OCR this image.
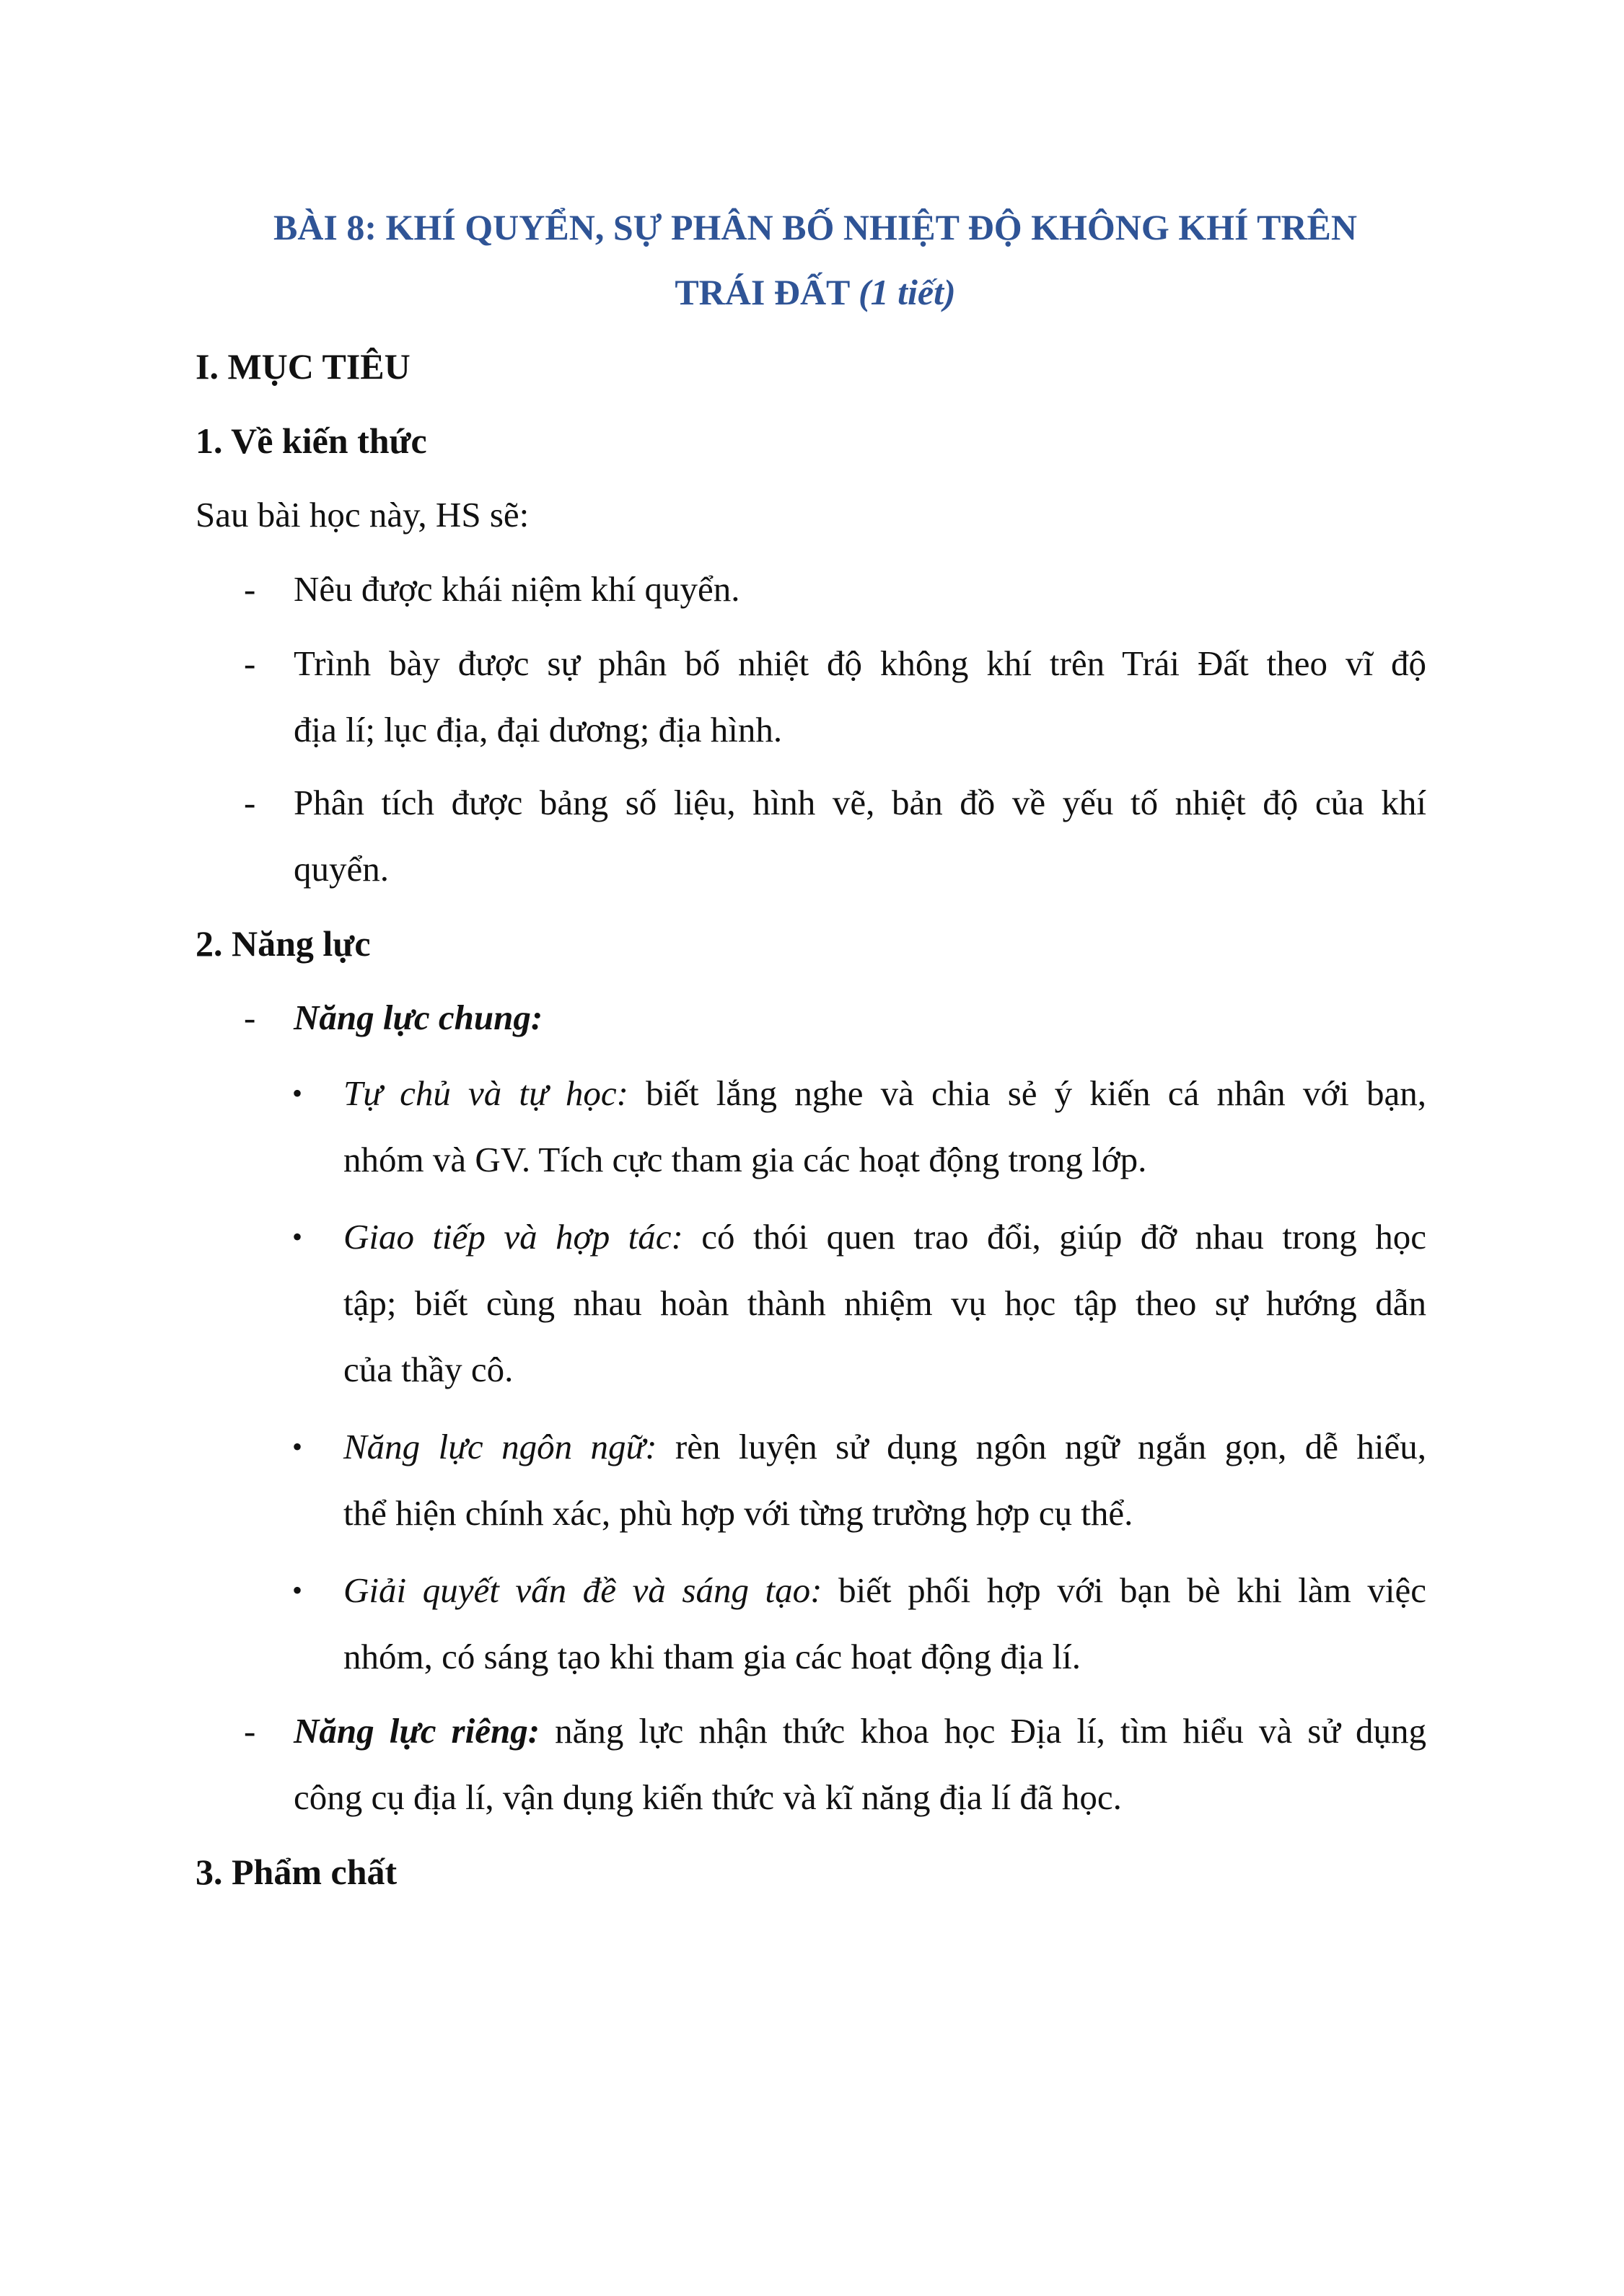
BÀI 8: KHÍ QUYỂN, SỰ PHÂN BỐ NHIỆT ĐỘ KHÔNG KHÍ TRÊN
TRÁI ĐẤT (1 tiết)
I. MỤC TIÊU
1. Về kiến thức
Sau bài học này, HS sẽ:
- Nêu được khái niệm khí quyển.
- Trình bày được sự phân bố nhiệt độ không khí trên Trái Đất theo vĩ độ
địa lí; lục địa, đại dương; địa hình.
- Phân tích được bảng số liệu, hình vẽ, bản đồ về yếu tố nhiệt độ của khí
quyển.
2. Năng lực
- Năng lực chung:
• Tự chủ và tự học: biết lắng nghe và chia sẻ ý kiến cá nhân với bạn,
nhóm và GV. Tích cực tham gia các hoạt động trong lớp.
• Giao tiếp và hợp tác: có thói quen trao đổi, giúp đỡ nhau trong học
tập; biết cùng nhau hoàn thành nhiệm vụ học tập theo sự hướng dẫn
của thầy cô.
• Năng lực ngôn ngữ: rèn luyện sử dụng ngôn ngữ ngắn gọn, dễ hiểu,
thể hiện chính xác, phù hợp với từng trường hợp cụ thể.
• Giải quyết vấn đề và sáng tạo: biết phối hợp với bạn bè khi làm việc
nhóm, có sáng tạo khi tham gia các hoạt động địa lí.
- Năng lực riêng: năng lực nhận thức khoa học Địa lí, tìm hiểu và sử dụng
công cụ địa lí, vận dụng kiến thức và kĩ năng địa lí đã học.
3. Phẩm chất
